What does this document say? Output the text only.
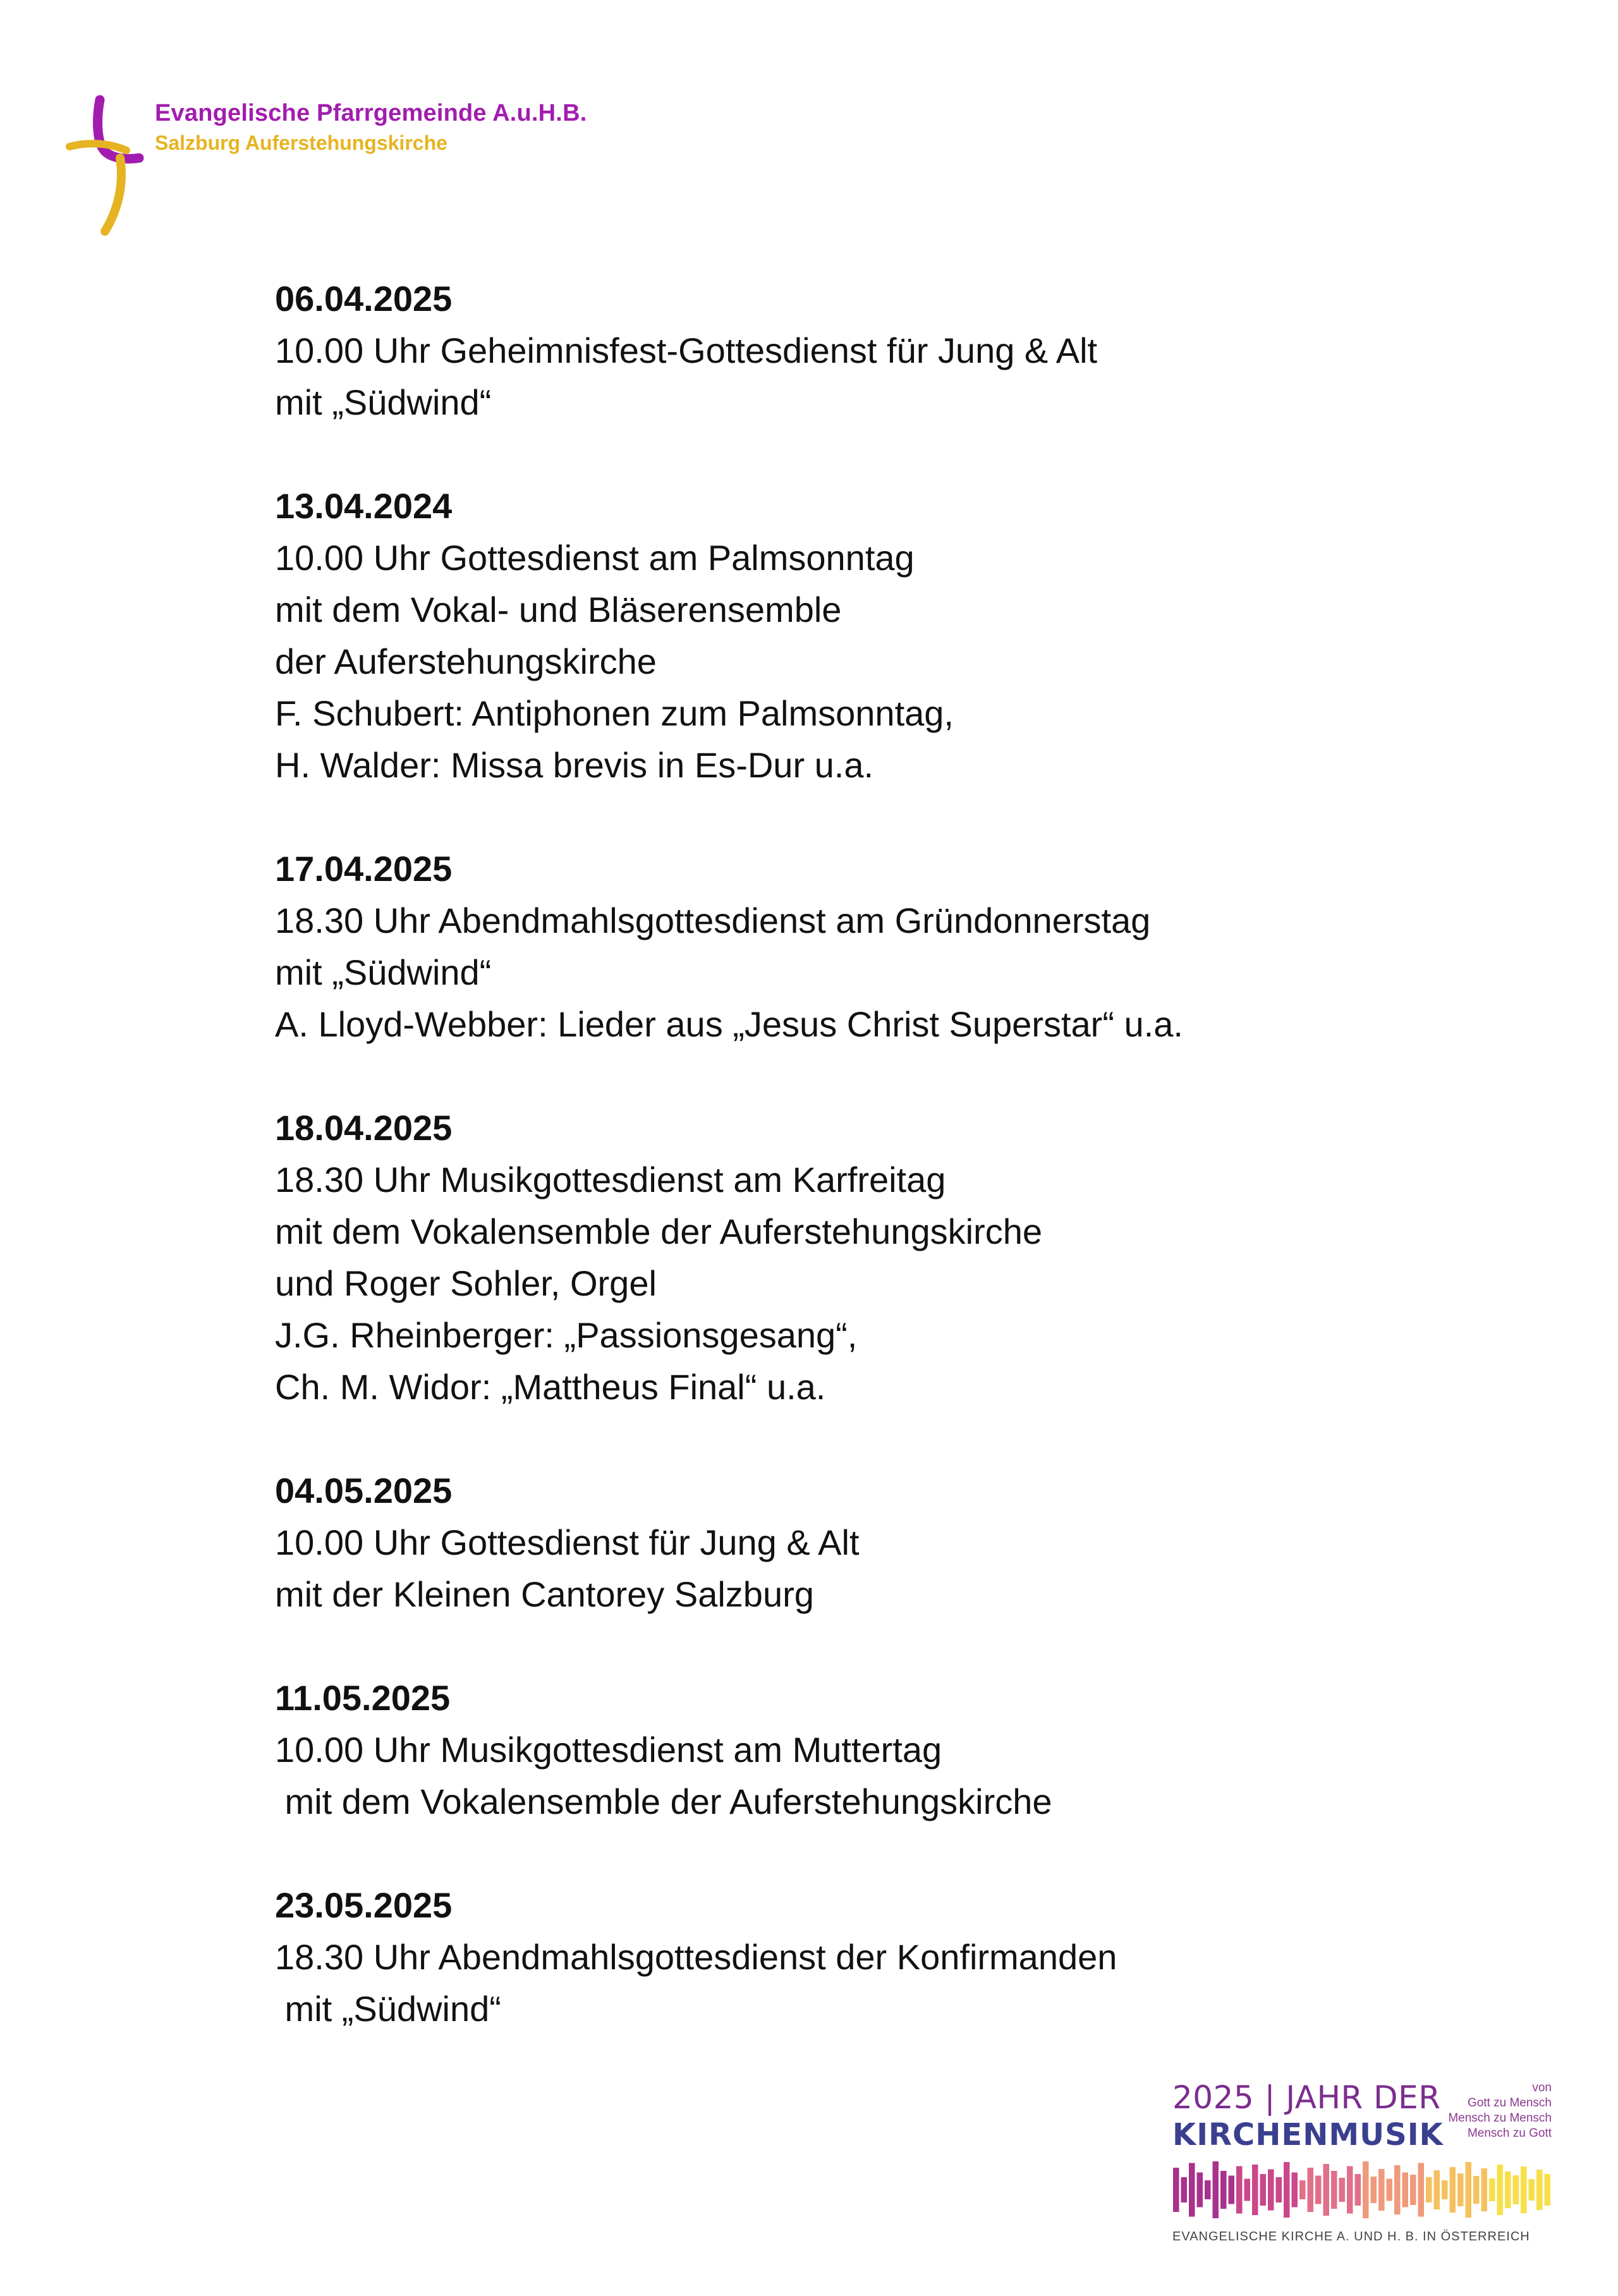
Evangelische Pfarrgemeinde A.u.H.B.
Salzburg Auferstehungskirche
06.04.2025
10.00 Uhr Geheimnisfest-Gottesdienst für Jung & Alt
mit „Südwind“
13.04.2024
10.00 Uhr Gottesdienst am Palmsonntag
mit dem Vokal- und Bläserensemble
der Auferstehungskirche
F. Schubert: Antiphonen zum Palmsonntag,
H. Walder: Missa brevis in Es-Dur u.a.
17.04.2025
18.30 Uhr Abendmahlsgottesdienst am Gründonnerstag
mit „Südwind“
A. Lloyd-Webber: Lieder aus „Jesus Christ Superstar“ u.a.
18.04.2025
18.30 Uhr Musikgottesdienst am Karfreitag
mit dem Vokalensemble der Auferstehungskirche
und Roger Sohler, Orgel
J.G. Rheinberger: „Passionsgesang“,
Ch. M. Widor: „Mattheus Final“ u.a.
04.05.2025
10.00 Uhr Gottesdienst für Jung & Alt
mit der Kleinen Cantorey Salzburg
11.05.2025
10.00 Uhr Musikgottesdienst am Muttertag
mit dem Vokalensemble der Auferstehungskirche
23.05.2025
18.30 Uhr Abendmahlsgottesdienst der Konfirmanden
mit „Südwind“
2025 | JAHR DER
KIRCHENMUSIK
von
Gott zu Mensch
Mensch zu Mensch
Mensch zu Gott
EVANGELISCHE KIRCHE A. UND H. B. IN ÖSTERREICH
